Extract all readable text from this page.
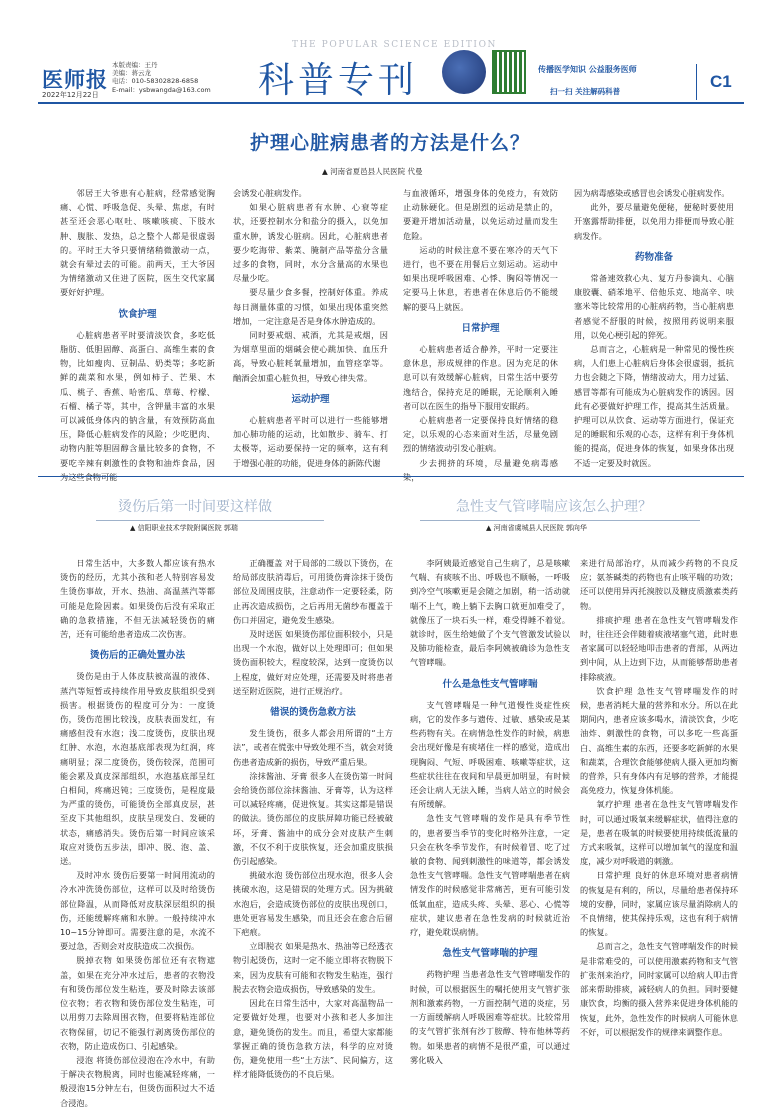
医师报
2022年12月22日
本版责编：王丹
美编：蒋云龙
电话：010-58302828-6858
E-mail：ysbwangda@163.com
THE POPULAR SCIENCE EDITION
科普专刊	传播医学知识 公益服务医师
扫一扫 关注解码科普
C1
护理心脏病患者的方法是什么？
▲ 河南省夏邑县人民医院 代曼

邻居王大爷患有心脏病，经常感觉胸痛、心慌、呼吸急促、头晕、焦虑，有时甚至还会恶心呕吐、咳嗽咳痰、下肢水肿、腹胀、发热，总之整个人都是很虚弱的。平时王大爷只要情绪稍微激动一点，就会有晕过去的可能。前两天，王大爷因为情绪激动又住进了医院，医生交代家属要好好护理。

饮食护理

心脏病患者平时要清淡饮食，多吃低脂肪、低胆固醇、高蛋白、高维生素的食物，比如瘦肉、豆制品、奶类等；多吃新鲜的蔬菜和水果，例如柿子、芒果、木瓜、桃子、香蕉、哈密瓜、草莓、柠檬、石榴、橘子等，其中，含钾量丰富的水果可以减低身体内的钠含量，有效预防高血压，降低心脏病发作的风险；少吃肥肉、动物内脏等胆固醇含量比较多的食物，不要吃辛辣有刺激性的食物和油炸食品，因

会诱发心脏病发作。

如果心脏病患者有水肿、心衰等症状，还要控制水分和盐分的摄入，以免加重水肿，诱发心脏病。因此，心脏病患者要少吃海带、紫菜、腌制产品等盐分含量过多的食物，同时，水分含量高的水果也尽量少吃。

要尽量少食多餐，控制好体重。养成每日测量体重的习惯，如果出现体重突然增加，一定注意是否是身体水肿造成的。

同时要戒烟、戒酒，尤其是戒烟，因为烟草里面的烟碱会使心跳加快、血压升高，导致心脏耗氧量增加，血管痉挛等。酗酒会加重心脏负担，导致心律失常。

运动护理

心脏病患者平时可以进行一些能够增加心肺功能的运动，比如散步、骑车、打太极等，运动要保持一定的频率，这有利于增强心脏的功能，促进身体的新陈代谢

与血液循环，增强身体的免疫力，有效防止动脉硬化。但是剧烈的运动是禁止的，要避开增加活动量，以免运动过量而发生危险。

运动的时候注意不要在寒冷的天气下进行，也不要在用餐后立刻运动。运动中如果出现呼吸困难、心悸、胸闷等情况一定要马上休息，若患者在休息后仍不能缓解的要马上就医。

日常护理

心脏病患者适合静养，平时一定要注意休息，形成规律的作息。因为充足的休息可以有效缓解心脏病，日常生活中要劳逸结合，保持充足的睡眠，无论顺利入睡者可以在医生的指导下服用安眠药。

心脏病患者一定要保持良好情绪的稳定，以乐观的心态来面对生活，尽量免剧烈的情绪波动引发心脏病。

少去拥挤的环境，尽量避免病毒感

因为病毒感染或感冒也会诱发心脏病发作。

此外，要尽量避免便秘，便秘时要使用开塞露帮助排便，以免用力排便而导致心脏病发作。

药物准备

常备速效救心丸、复方丹参滴丸、心脑康胶囊、硝苯地平、倍他乐克、地高辛、呋塞米等比较常用的心脏病药物，当心脏病患者感觉不舒服的时候，按照用药说明来服用，以免心梗引起的猝死。

总而言之，心脏病是一种常见的慢性疾病，人们患上心脏病后身体会很虚弱，抵抗力也会随之下降，情绪波动大，用力过猛、感冒等都有可能成为心脏病发作的诱因。因此有必要做好护理工作，提高其生活质量。护理可以从饮食、运动等方面进行，保证充足的睡眠和乐观的心态，这样有利于身体机能的提高，促进身体的恢复，如果身体出现不适一定要及时就医。

烫伤后第一时间要这样做
▲ 信阳职业技术学院附属医院 郭瑞

日常生活中，大多数人都应该有热水烫伤的经历，尤其小孩和老人特别容易发生烫伤事故，开水、热油、高温蒸汽等都可能是危险因素。如果烫伤后没有采取正确的急救措施，不但无法减轻烫伤的痛苦，还有可能给患者造成二次伤害。

烫伤后的正确处置办法

烫伤是由于人体皮肤被高温的液体、蒸汽等短暂或持续作用导致皮肤组织受到损害。根据烫伤的程度可分为：一度烫伤，烫伤范围比较浅，皮肤表面发红，有痛感但没有水泡；浅二度烫伤，皮肤出现红肿、水泡，水泡基底部表现为红润，疼痛明显；深二度烫伤，烫伤较深，范围可能会累及真皮深部组织，水泡基底部呈红白相间，疼痛迟钝；三度烫伤，是程度最为严重的烫伤，可能烫伤全部真皮层，甚至皮下其他组织，皮肤呈现发白、发硬的状态，痛感消失。烫伤后第一时间应该采取应对烫伤五步法，即冲、脱、泡、盖、送。

及时冲水 烫伤后要第一时间用流动的冷水冲洗烫伤部位，这样可以及时给烫伤部位降温，从而降低对皮肤深层组织的损伤，还能缓解疼痛和水肿。一般持续冲水10~15分钟即可。需要注意的是，水流不要过急，否则会对皮肤造成二次损伤。

脱掉衣物 如果烫伤部位还有衣物遮盖，如果在充分冲水过后，患者的衣物没有和烫伤部位发生粘连，要及时除去该部位衣物；若衣物和烫伤部位发生粘连，可以用剪刀去除周围衣物，但要将粘连部位衣物保留，切记不能强行剥离烫伤部位的衣物，防止造成伤口、引起感染。

浸泡 将烫伤部位浸泡在冷水中，有助于解决衣物脱离，同时也能减轻疼痛，一般浸泡15分钟左右，但烫伤面积过大不适合浸泡。

正确覆盖 对于局部的二级以下烫伤，在给局部皮肤消毒后，可用烫伤膏涂抹于烫伤部位及周围皮肤，注意动作一定要轻柔，防止再次造成损伤，之后再用无菌纱布覆盖于伤口并固定，避免发生感染。

及时送医 如果烫伤部位面积较小，只是出现一个水泡，做好以上处理即可；但如果烫伤面积较大，程度较深，达到一度烫伤以上程度，做好对应处理，还需要及时将患者送至附近医院，进行正规治疗。

错误的烫伤急救方法

发生烫伤，很多人都会用所谓的“土方法”，或者在慌张中导致处理不当，就会对烫伤患者造成新的损伤，导致严重后果。

涂抹酱油、牙膏 很多人在烫伤第一时间会给烫伤部位涂抹酱油、牙膏等，认为这样可以减轻疼痛，促进恢复。其实这都是错误的做法。烫伤部位的皮肤屏障功能已经被破坏，牙膏、酱油中的成分会对皮肤产生刺激，不仅不利于皮肤恢复，还会加重皮肤损伤引起感染。

挑破水泡 烫伤部位出现水泡，很多人会挑破水泡，这是错误的处理方式。因为挑破水泡后，会造成烫伤部位的皮肤出现创口，患处更容易发生感染，而且还会在愈合后留下疤痕。

立即脱衣 如果是热水、热油等已经透衣物引起烫伤，这时一定不能立即将衣物脱下来，因为皮肤有可能和衣物发生粘连，强行脱去衣物会造成损伤，导致感染的发生。

因此在日常生活中，大家对高温物品一定要做好处理，也要对小孩和老人多加注意，避免烫伤的发生。而且，希望大家都能掌握正确的烫伤急救方法，科学的应对烫伤，避免使用一些“土方法”、民间偏方，这样才能降低烫伤的不良后果。

急性支气管哮喘应该怎么护理？
▲ 河南省虞城县人民医院 郭向华

李阿姨最近感觉自己生病了，总是咳嗽气喘、有痰咳不出、呼吸也不顺畅，一呼吸到冷空气咳嗽更是会随之加剧，稍一活动就喘不上气，晚上躺下去胸口就更加难受了，就像压了一块石头一样，难受得睡不着觉。就诊时，医生给她做了个支气管激发试验以及肺功能检查，最后李阿姨被确诊为急性支气管哮喘。

什么是急性支气管哮喘

支气管哮喘是一种气道慢性炎症性疾病，它的发作多与遗传、过敏、感染或是某些药物有关。在病情急性发作的时候，病患会出现好像是有痰堵住一样的感觉，造成出现胸闷、气短、呼吸困难、咳嗽等症状，这些症状往往在夜间和早晨更加明显，有时候还会让病人无法入睡，当病人站立的时候会有所缓解。

急性支气管哮喘的发作是具有季节性的，患者要当季节的变化时格外注意，一定只会在秋冬季节发作，有时候着冒、吃了过敏的食物、闻到刺激性的味道等，都会诱发急性支气管哮喘。急性支气管哮喘患者在病情发作的时候感觉非常痛苦，更有可能引发低氧血症，造成头疼、头晕、恶心、心慌等症状，建议患者在急性发病的时候就近治疗，避免耽误病情。

急性支气管哮喘的护理

药物护理 当患者急性支气管哮喘发作的时候，可以根据医生的嘱托使用支气管扩张剂和激素药物，一方面控制气道的炎症，另一方面缓解病人呼吸困难等症状。比较常用的支气管扩张剂有沙丁胺醇、特布他林等药物。如果患者的病情不是很严重，可以通过雾化吸入

来进行局部治疗，从而减少药物的不良反应；氨茶碱类的药物也有止咳平喘的功效；还可以使用异丙托溴胺以及糖皮质激素类药物。

排痰护理 患者在急性支气管哮喘发作时，往往还会伴随着痰液堵塞气道，此时患者家属可以轻轻地叩击患者的背部，从两边到中间，从上边到下边，从而能够帮助患者排除痰液。

饮食护理 急性支气管哮喘发作的时候，患者消耗大量的营养和水分。所以在此期间内，患者应该多喝水，清淡饮食，少吃油炸、刺激性的食物，可以多吃一些高蛋白、高维生素的东西，还要多吃新鲜的水果和蔬菜，合理饮食能够使病人摄入更加均衡的营养，只有身体内有足够的营养，才能提高免疫力，恢复身体机能。

氧疗护理 患者在急性支气管哮喘发作时，可以通过吸氧来缓解症状，值得注意的是，患者在吸氧的时候要使用持续低流量的方式来吸氧，这样可以增加氧气的湿度和温度，减少对呼吸道的刺激。

日常护理 良好的休息环境对患者病情的恢复是有利的，所以，尽量给患者保持环境的安静，同时，家属应该尽量消除病人的不良情绪，使其保持乐观，这也有利于病情的恢复。

总而言之，急性支气管哮喘发作的时候是非常难受的，可以使用激素药物和支气管扩张剂来治疗，同时家属可以给病人叩击背部来帮助排痰，减轻病人的负担。同时要健康饮食，均衡的摄入营养来促进身体机能的恢复，此外，急性发作的时候病人可能休息不好，可以根据发作的规律来调整作息。
